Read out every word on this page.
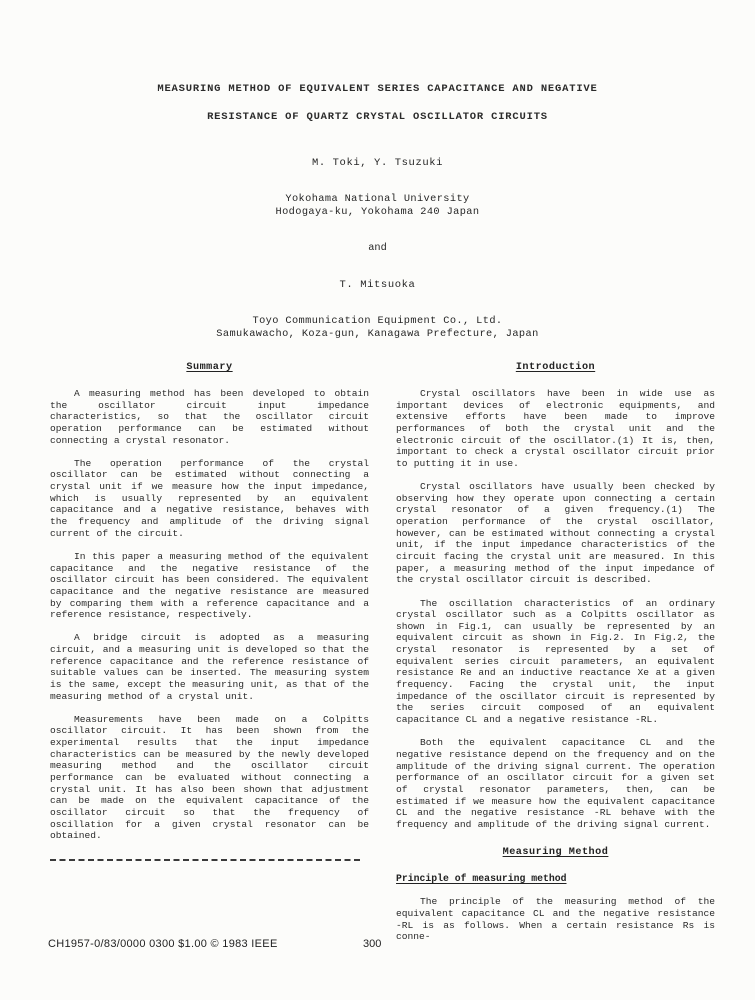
MEASURING METHOD OF EQUIVALENT SERIES CAPACITANCE AND NEGATIVE
RESISTANCE OF QUARTZ CRYSTAL OSCILLATOR CIRCUITS
M. Toki, Y. Tsuzuki
Yokohama National University
Hodogaya-ku, Yokohama 240 Japan
and
T. Mitsuoka
Toyo Communication Equipment Co., Ltd.
Samukawacho, Koza-gun, Kanagawa Prefecture, Japan
Summary

A measuring method has been developed to obtain the oscillator circuit input impedance characteristics, so that the oscillator circuit operation performance can be estimated without connecting a crystal resonator.

The operation performance of the crystal oscillator can be estimated without connecting a crystal unit if we measure how the input impedance, which is usually represented by an equivalent capacitance and a negative resistance, behaves with the frequency and amplitude of the driving signal current of the circuit.

In this paper a measuring method of the equivalent capacitance and the negative resistance of the oscillator circuit has been considered. The equivalent capacitance and the negative resistance are measured by comparing them with a reference capacitance and a reference resistance, respectively.

A bridge circuit is adopted as a measuring circuit, and a measuring unit is developed so that the reference capacitance and the reference resistance of suitable values can be inserted. The measuring system is the same, except the measuring unit, as that of the measuring method of a crystal unit.

Measurements have been made on a Colpitts oscillator circuit. It has been shown from the experimental results that the input impedance characteristics can be measured by the newly developed measuring method and the oscillator circuit performance can be evaluated without connecting a crystal unit. It has also been shown that adjustment can be made on the equivalent capacitance of the oscillator circuit so that the frequency of oscillation for a given crystal resonator can be obtained.

Introduction

Crystal oscillators have been in wide use as important devices of electronic equipments, and extensive efforts have been made to improve performances of both the crystal unit and the electronic circuit of the oscillator.(1) It is, then, important to check a crystal oscillator circuit prior to putting it in use.

Crystal oscillators have usually been checked by observing how they operate upon connecting a certain crystal resonator of a given frequency.(1) The operation performance of the crystal oscillator, however, can be estimated without connecting a crystal unit, if the input impedance characteristics of the circuit facing the crystal unit are measured. In this paper, a measuring method of the input impedance of the crystal oscillator circuit is described.

The oscillation characteristics of an ordinary crystal oscillator such as a Colpitts oscillator as shown in Fig.1, can usually be represented by an equivalent circuit as shown in Fig.2. In Fig.2, the crystal resonator is represented by a set of equivalent series circuit parameters, an equivalent resistance Re and an inductive reactance Xe at a given frequency. Facing the crystal unit, the input impedance of the oscillator circuit is represented by the series circuit composed of an equivalent capacitance CL and a negative resistance -RL.

Both the equivalent capacitance CL and the negative resistance depend on the frequency and on the amplitude of the driving signal current. The operation performance of an oscillator circuit for a given set of crystal resonator parameters, then, can be estimated if we measure how the equivalent capacitance CL and the negative resistance -RL behave with the frequency and amplitude of the driving signal current.

Measuring Method
Principle of measuring method

The principle of the measuring method of the equivalent capacitance CL and the negative resistance -RL is as follows. When a certain resistance Rs is conne-

CH1957-0/83/0000 0300 $1.00 © 1983 IEEE	300
